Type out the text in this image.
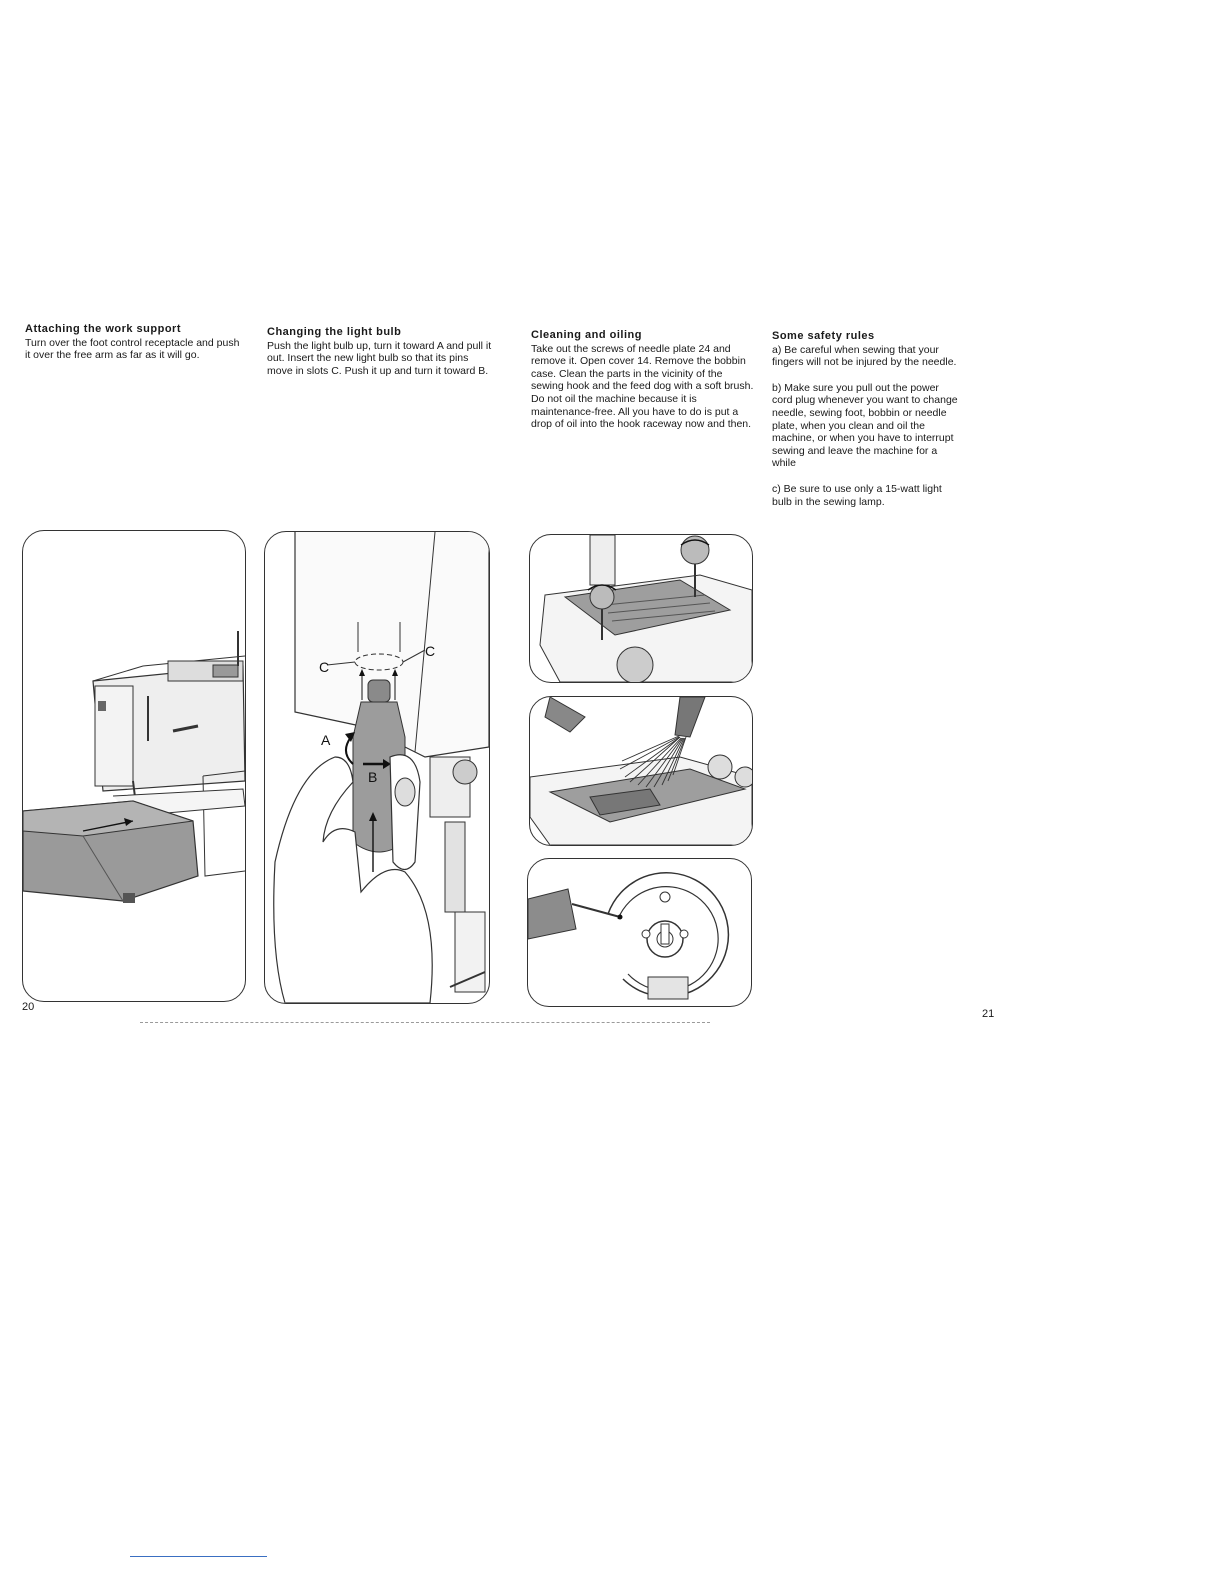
Attaching the work support

Turn over the foot control receptacle and push it over the free arm as far as it will go.

Changing the light bulb

Push the light bulb up, turn it toward A and pull it out. Insert the new light bulb so that its pins move in slots C. Push it up and turn it toward B.

Cleaning and oiling

Take out the screws of needle plate 24 and remove it. Open cover 14. Remove the bobbin case. Clean the parts in the vicinity of the sewing hook and the feed dog with a soft brush.

Do not oil the machine because it is maintenance-free. All you have to do is put a drop of oil into the hook raceway now and then.

Some safety rules

a) Be careful when sewing that your fingers will not be injured by the needle.

b) Make sure you pull out the power cord plug whenever you want to change needle, sewing foot, bobbin or needle plate, when you clean and oil the machine, or when you have to interrupt sewing and leave the machine for a while

c) Be sure to use only a 15-watt light bulb in the sewing lamp.

C
C
A
B
20
21
